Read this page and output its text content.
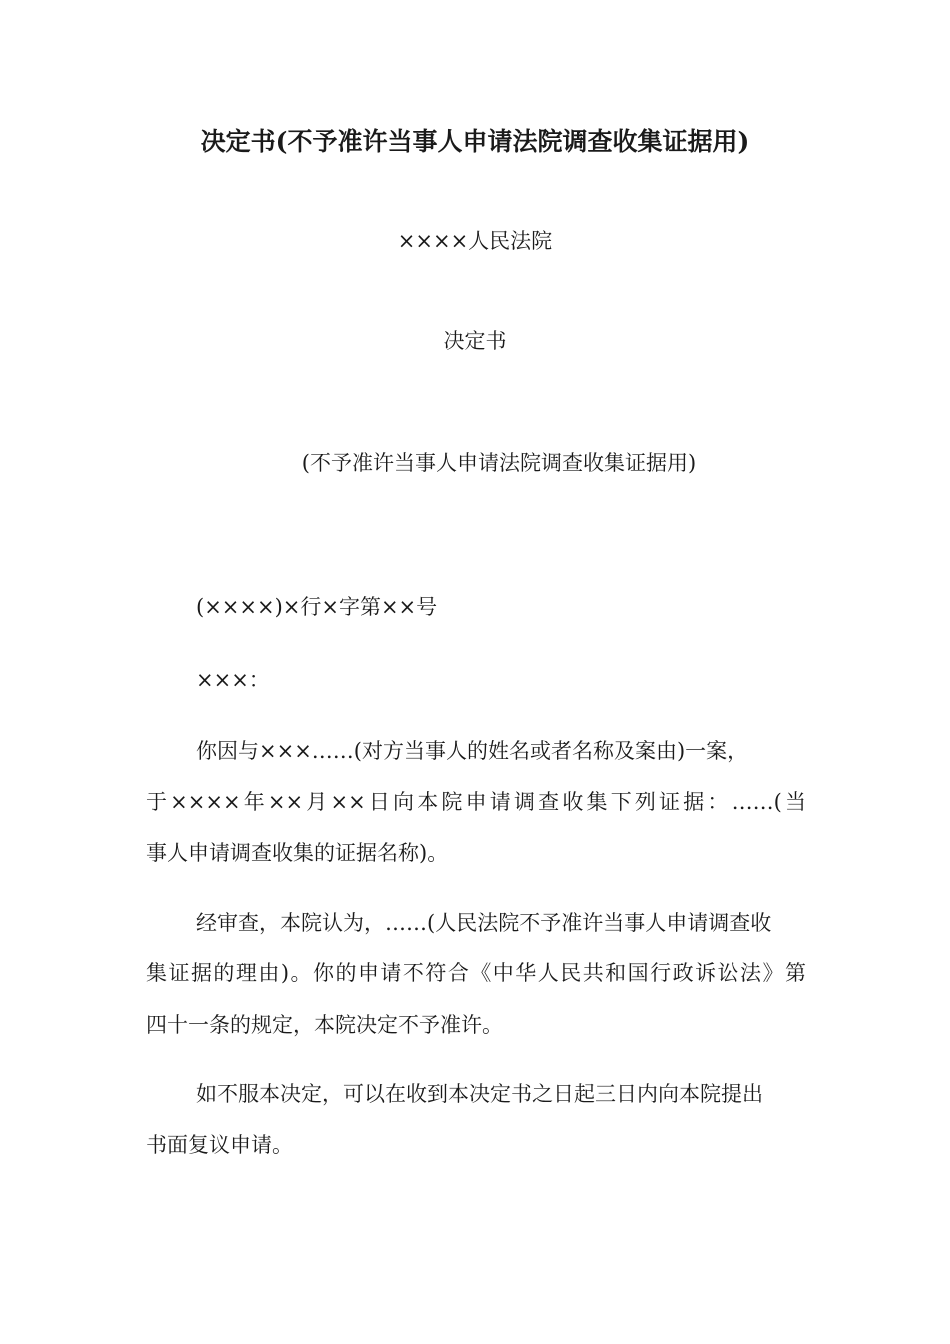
决定书(不予准许当事人申请法院调查收集证据用)
××××人民法院
决定书
(不予准许当事人申请法院调查收集证据用)
(××××)×行×字第××号
×××：
你因与×××……(对方当事人的姓名或者名称及案由)一案，
于××××年××月××日向本院申请调查收集下列证据：……(当
事人申请调查收集的证据名称)。
经审查，本院认为，……(人民法院不予准许当事人申请调查收
集证据的理由)。你的申请不符合《中华人民共和国行政诉讼法》第
四十一条的规定，本院决定不予准许。
如不服本决定，可以在收到本决定书之日起三日内向本院提出
书面复议申请。
